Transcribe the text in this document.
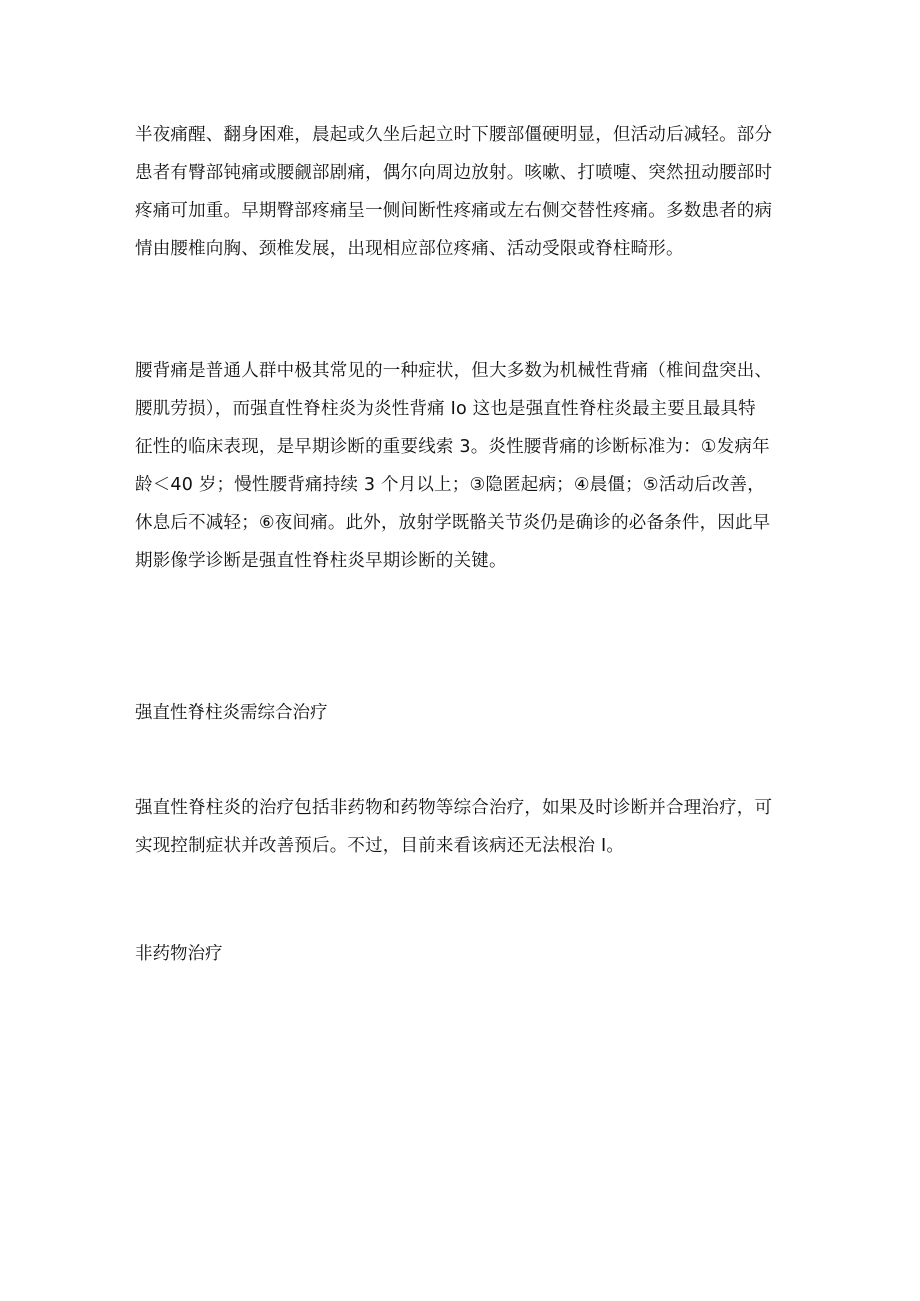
半夜痛醒、翻身困难，晨起或久坐后起立时下腰部僵硬明显，但活动后减轻。部分
患者有臀部钝痛或腰觎部剧痛，偶尔向周边放射。咳嗽、打喷嚏、突然扭动腰部时
疼痛可加重。早期臀部疼痛呈一侧间断性疼痛或左右侧交替性疼痛。多数患者的病
情由腰椎向胸、颈椎发展，出现相应部位疼痛、活动受限或脊柱畸形。
腰背痛是普通人群中极其常见的一种症状，但大多数为机械性背痛（椎间盘突出、
腰肌劳损），而强直性脊柱炎为炎性背痛 Io 这也是强直性脊柱炎最主要且最具特
征性的临床表现，是早期诊断的重要线索 3。炎性腰背痛的诊断标准为：①发病年
龄＜40 岁；慢性腰背痛持续 3 个月以上；③隐匿起病；④晨僵；⑤活动后改善，
休息后不减轻；⑥夜间痛。此外，放射学既骼关节炎仍是确诊的必备条件，因此早
期影像学诊断是强直性脊柱炎早期诊断的关键。
强直性脊柱炎需综合治疗
强直性脊柱炎的治疗包括非药物和药物等综合治疗，如果及时诊断并合理治疗，可
实现控制症状并改善预后。不过，目前来看该病还无法根治 I。
非药物治疗
